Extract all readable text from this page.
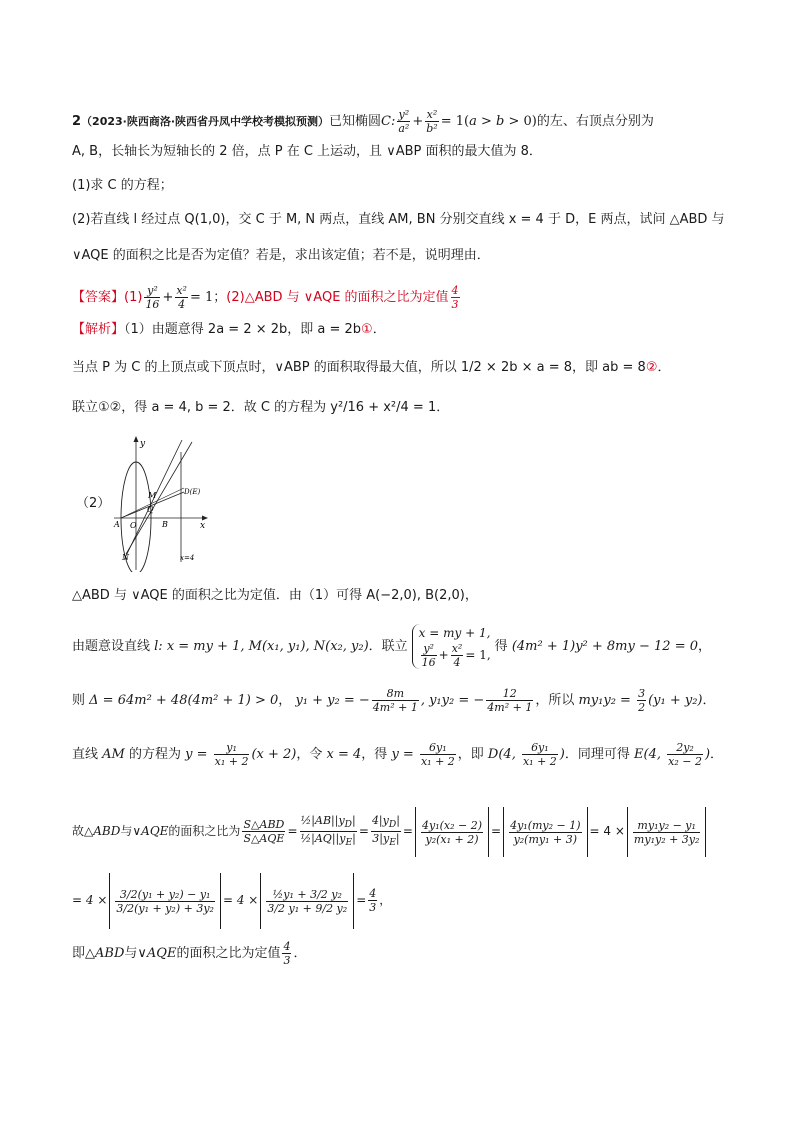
2（2023·陕西商洛·陕西省丹凤中学校考模拟预测）已知椭圆C: $\frac{\text{y²}}{\text{a²}} + \frac{\text{x²}}{\text{b²}} = 1(a > b > 0)$的左、右顶点分别为
A, B，长轴长为短轴长的 2 倍，点 P 在 C 上运动，且 ∨ABP 面积的最大值为 8．
(1)求 C 的方程；
(2)若直线 l 经过点 Q(1,0)，交 C 于 M, N 两点，直线 AM, BN 分别交直线 x = 4 于 D，E 两点，试问 △ABD 与
∨AQE 的面积之比是否为定值？若是，求出该定值；若不是，说明理由．
【答案】$(1) \frac{\text{y²}}{16} + \frac{\text{x²}}{4} = 1$；(2)△ABD 与 ∨AQE 的面积之比为定值 $\frac{4}{3}$
【解析】（1）由题意得 2a = 2 × 2b，即 a = 2b①．
当点 P 为 C 的上顶点或下顶点时，∨ABP 的面积取得最大值，所以 1/2 × 2b × a = 8，即 ab = 8②．
联立①②，得 a = 4, b = 2．故 C 的方程为 y²/16 + x²/4 = 1．
（2）
y
x
A O
Q
B
M
N
D(E)
x=4
△ABD 与 ∨AQE 的面积之比为定值．由（1）可得 A(−2,0), B(2,0)，
由题意设直线 l: x = my + 1, M(x₁, y₁), N(x₂, y₂)．联立
x = my + 1,
$\frac{\text{y²}}{16} + \frac{\text{x²}}{4} = 1$,
得 (4m² + 1)y² + 8my − 12 = 0，
则 Δ = 64m² + 48(4m² + 1) > 0， y₁ + y₂ = − $\frac{8m}{\text{4m² + 1}}$ , y₁y₂ = − $\frac{12}{\text{4m² + 1}}$ ，所以 $my_1y_2 = \frac{3}{2} (y_1 + y_2)$．
直线 AM 的方程为 $y = \frac{\text{y₁}}{\text{x₁ + 2}} (x + 2)$，令 x = 4，得 $y = \frac{\text{6y₁}}{\text{x₁ + 2}}$ ，即 D(4, $\frac{\text{6y₁}}{\text{x₁ + 2}}$ )．同理可得 E(4, $\frac{\text{2y₂}}{\text{x₂ − 2}}$ )．
故△ABD与∨AQE的面积之比为 S△ABD
S△AQE
= $\frac{\frac{1}{2}|AB||y_D|}{\frac{1}{2}|AQ||y_E|} = \frac{4|y_D|}{3|y_E|} = \frac{\text{4y₁(x₂ − 2)}}{\text{y₂(x₁ + 2)}} = \frac{\text{4y₁(my₂ − 1)}}{\text{y₂(my₁ + 3)}} = 4 \times \frac{\text{my₁y₂ − y₁}}{\text{my₁y₂ + 3y₂}}$
= $4 \times \frac{\text{3/2(y₁ + y₂) − y₁}}{\text{3/2(y₁ + y₂) + 3y₂}} = 4 \times \frac{\text{½y₁ + 3/2 y₂}}{\text{3/2 y₁ + 9/2 y₂}} = \frac{4}{3}$ ，
即△ABD与∨AQE的面积之比为定值 $\frac{4}{3}$ ．
